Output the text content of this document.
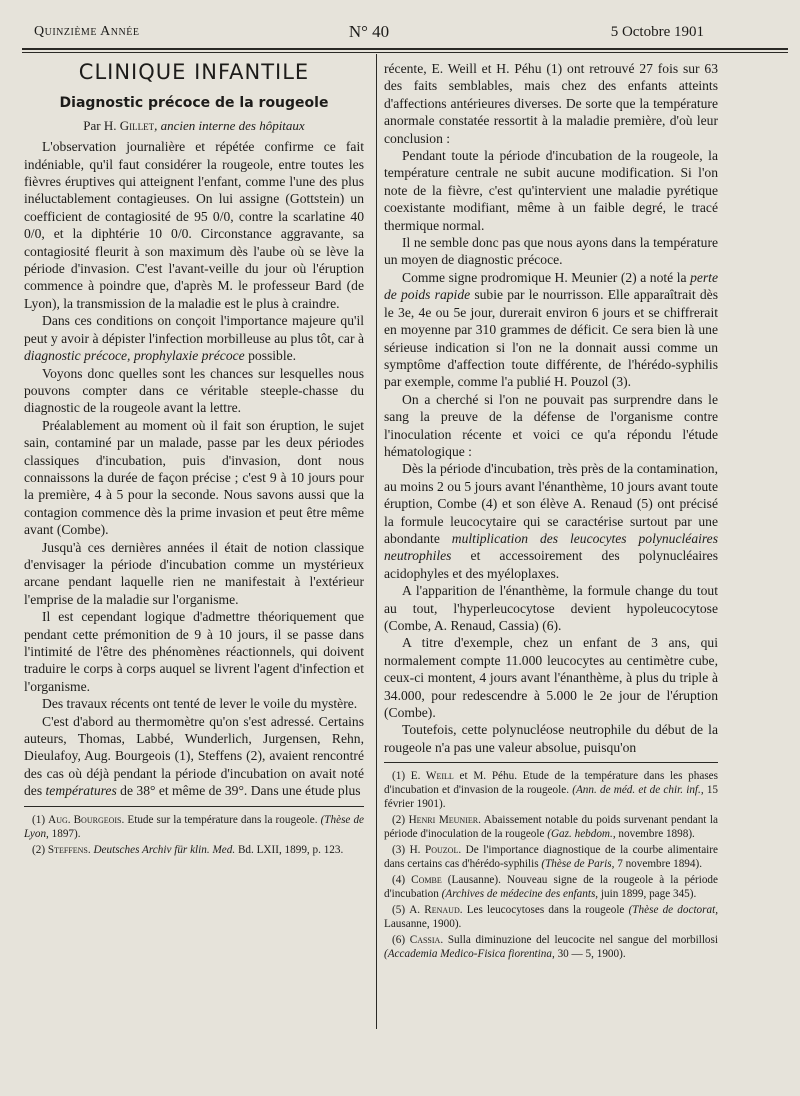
Quinzième Année	N° 40	5 Octobre 1901
CLINIQUE INFANTILE
Diagnostic précoce de la rougeole
Par H. Gillet, ancien interne des hôpitaux

L'observation journalière et répétée confirme ce fait indéniable, qu'il faut considérer la rougeole, entre toutes les fièvres éruptives qui atteignent l'enfant, comme l'une des plus inéluctablement contagieuses. On lui assigne (Gottstein) un coefficient de contagiosité de 95 0/0, contre la scarlatine 40 0/0, et la diphtérie 10 0/0. Circonstance aggravante, sa contagiosité fleurit à son maximum dès l'aube où se lève la période d'invasion. C'est l'avant-veille du jour où l'éruption commence à poindre que, d'après M. le professeur Bard (de Lyon), la transmission de la maladie est le plus à craindre.

Dans ces conditions on conçoit l'importance majeure qu'il peut y avoir à dépister l'infection morbilleuse au plus tôt, car à diagnostic précoce, prophylaxie précoce possible.

Voyons donc quelles sont les chances sur lesquelles nous pouvons compter dans ce véritable steeple-chasse du diagnostic de la rougeole avant la lettre.

Préalablement au moment où il fait son éruption, le sujet sain, contaminé par un malade, passe par les deux périodes classiques d'incubation, puis d'invasion, dont nous connaissons la durée de façon précise ; c'est 9 à 10 jours pour la première, 4 à 5 pour la seconde. Nous savons aussi que la contagion commence dès la prime invasion et peut être même avant (Combe).

Jusqu'à ces dernières années il était de notion classique d'envisager la période d'incubation comme un mystérieux arcane pendant laquelle rien ne manifestait à l'extérieur l'emprise de la maladie sur l'organisme.

Il est cependant logique d'admettre théoriquement que pendant cette prémonition de 9 à 10 jours, il se passe dans l'intimité de l'être des phénomènes réactionnels, qui doivent traduire le corps à corps auquel se livrent l'agent d'infection et l'organisme.

Des travaux récents ont tenté de lever le voile du mystère.

C'est d'abord au thermomètre qu'on s'est adressé. Certains auteurs, Thomas, Labbé, Wunderlich, Jurgensen, Rehn, Dieulafoy, Aug. Bourgeois (1), Steffens (2), avaient rencontré des cas où déjà pendant la période d'incubation on avait noté des températures de 38° et même de 39°. Dans une étude plus

(1) Aug. Bourgeois. Etude sur la température dans la rougeole. (Thèse de Lyon, 1897).
(2) Steffens. Deutsches Archiv für klin. Med. Bd. LXII, 1899, p. 123.

récente, E. Weill et H. Péhu (1) ont retrouvé 27 fois sur 63 des faits semblables, mais chez des enfants atteints d'affections antérieures diverses. De sorte que la température anormale constatée ressortit à la maladie première, d'où leur conclusion :

Pendant toute la période d'incubation de la rougeole, la température centrale ne subit aucune modification. Si l'on note de la fièvre, c'est qu'intervient une maladie pyrétique coexistante modifiant, même à un faible degré, le tracé thermique normal.

Il ne semble donc pas que nous ayons dans la température un moyen de diagnostic précoce.

Comme signe prodromique H. Meunier (2) a noté la perte de poids rapide subie par le nourrisson. Elle apparaîtrait dès le 3e, 4e ou 5e jour, durerait environ 6 jours et se chiffrerait en moyenne par 310 grammes de déficit. Ce sera bien là une sérieuse indication si l'on ne la donnait aussi comme un symptôme d'affection toute différente, de l'hérédo-syphilis par exemple, comme l'a publié H. Pouzol (3).

On a cherché si l'on ne pouvait pas surprendre dans le sang la preuve de la défense de l'organisme contre l'inoculation récente et voici ce qu'a répondu l'étude hématologique :

Dès la période d'incubation, très près de la contamination, au moins 2 ou 5 jours avant l'énanthème, 10 jours avant toute éruption, Combe (4) et son élève A. Renaud (5) ont précisé la formule leucocytaire qui se caractérise surtout par une abondante multiplication des leucocytes polynucléaires neutrophiles et accessoirement des polynucléaires acidophyles et des myéloplaxes.

A l'apparition de l'énanthème, la formule change du tout au tout, l'hyperleucocytose devient hypoleucocytose (Combe, A. Renaud, Cassia) (6).

A titre d'exemple, chez un enfant de 3 ans, qui normalement compte 11.000 leucocytes au centimètre cube, ceux-ci montent, 4 jours avant l'énanthème, à plus du triple à 34.000, pour redescendre à 5.000 le 2e jour de l'éruption (Combe).

Toutefois, cette polynucléose neutrophile du début de la rougeole n'a pas une valeur absolue, puisqu'on

(1) E. Weill et M. Péhu. Etude de la température dans les phases d'incubation et d'invasion de la rougeole. (Ann. de méd. et de chir. inf., 15 février 1901).
(2) Henri Meunier. Abaissement notable du poids survenant pendant la période d'inoculation de la rougeole (Gaz. hebdom., novembre 1898).
(3) H. Pouzol. De l'importance diagnostique de la courbe alimentaire dans certains cas d'hérédo-syphilis (Thèse de Paris, 7 novembre 1894).
(4) Combe (Lausanne). Nouveau signe de la rougeole à la période d'incubation (Archives de médecine des enfants, juin 1899, page 345).
(5) A. Renaud. Les leucocytoses dans la rougeole (Thèse de doctorat, Lausanne, 1900).
(6) Cassia. Sulla diminuzione del leucocite nel sangue del morbillosi (Accademia Medico-Fisica fiorentina, 30 — 5, 1900).
